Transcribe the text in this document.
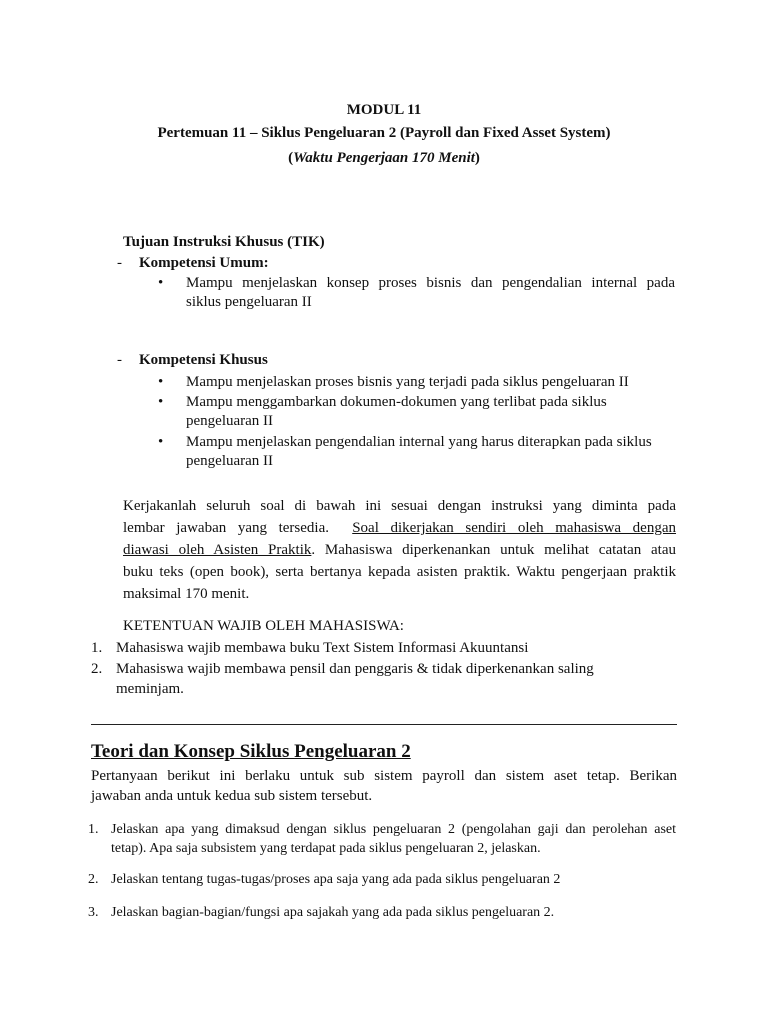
MODUL 11
Pertemuan 11 – Siklus Pengeluaran 2 (Payroll dan Fixed Asset System)
(Waktu Pengerjaan 170 Menit)
Tujuan Instruksi Khusus (TIK)
- Kompetensi Umum:
•	Mampu menjelaskan konsep proses bisnis dan pengendalian internal pada
siklus pengeluaran II
- Kompetensi Khusus
•	Mampu menjelaskan proses bisnis yang terjadi pada siklus pengeluaran II
•	Mampu menggambarkan dokumen-dokumen yang terlibat pada siklus
pengeluaran II
•	Mampu menjelaskan pengendalian internal yang harus diterapkan pada siklus
pengeluaran II
Kerjakanlah seluruh soal di bawah ini sesuai dengan instruksi yang diminta pada
lembar jawaban yang tersedia. Soal dikerjakan sendiri oleh mahasiswa dengan
diawasi oleh Asisten Praktik. Mahasiswa diperkenankan untuk melihat catatan atau
buku teks (open book), serta bertanya kepada asisten praktik. Waktu pengerjaan praktik
maksimal 170 menit.
KETENTUAN WAJIB OLEH MAHASISWA:
1. Mahasiswa wajib membawa buku Text Sistem Informasi Akuuntansi
2. Mahasiswa wajib membawa pensil dan penggaris & tidak diperkenankan saling
meminjam.
Teori dan Konsep Siklus Pengeluaran 2
Pertanyaan berikut ini berlaku untuk sub sistem payroll dan sistem aset tetap. Berikan
jawaban anda untuk kedua sub sistem tersebut.
1. Jelaskan apa yang dimaksud dengan siklus pengeluaran 2 (pengolahan gaji dan perolehan aset
tetap). Apa saja subsistem yang terdapat pada siklus pengeluaran 2, jelaskan.
2. Jelaskan tentang tugas-tugas/proses apa saja yang ada pada siklus pengeluaran 2
3. Jelaskan bagian-bagian/fungsi apa sajakah yang ada pada siklus pengeluaran 2.
